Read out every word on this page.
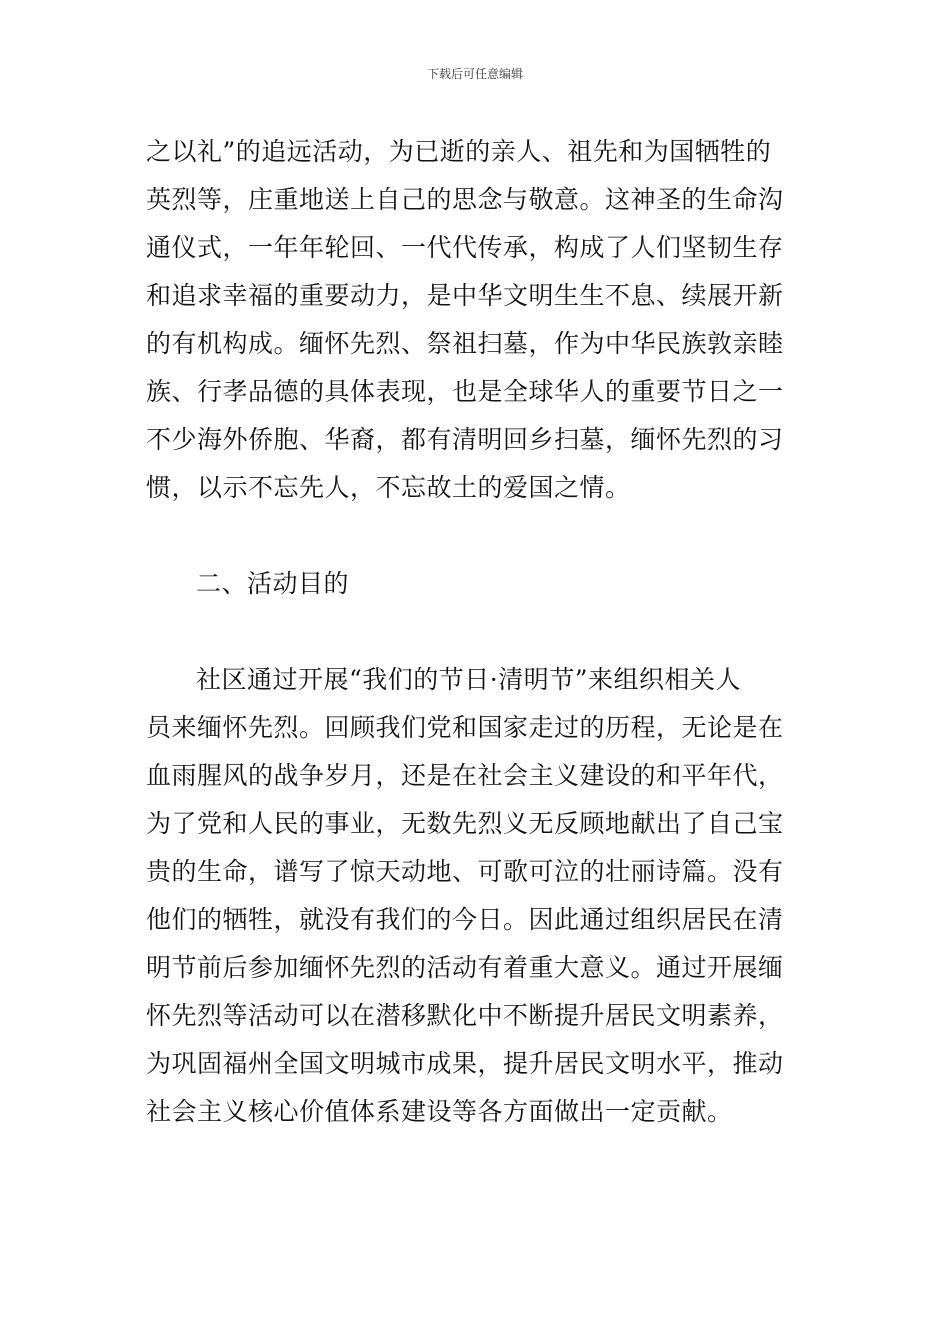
下载后可任意编辑
之以礼”的追远活动，为已逝的亲人、祖先和为国牺牲的
英烈等，庄重地送上自己的思念与敬意。这神圣的生命沟
通仪式，一年年轮回、一代代传承，构成了人们坚韧生存
和追求幸福的重要动力，是中华文明生生不息、续展开新
的有机构成。缅怀先烈、祭祖扫墓，作为中华民族敦亲睦
族、行孝品德的具体表现，也是全球华人的重要节日之一
不少海外侨胞、华裔，都有清明回乡扫墓，缅怀先烈的习
惯，以示不忘先人，不忘故土的爱国之情。
二、活动目的
社区通过开展“我们的节日·清明节”来组织相关人
员来缅怀先烈。回顾我们党和国家走过的历程，无论是在
血雨腥风的战争岁月，还是在社会主义建设的和平年代，
为了党和人民的事业，无数先烈义无反顾地献出了自己宝
贵的生命，谱写了惊天动地、可歌可泣的壮丽诗篇。没有
他们的牺牲，就没有我们的今日。因此通过组织居民在清
明节前后参加缅怀先烈的活动有着重大意义。通过开展缅
怀先烈等活动可以在潜移默化中不断提升居民文明素养，
为巩固福州全国文明城市成果，提升居民文明水平，推动
社会主义核心价值体系建设等各方面做出一定贡献。
